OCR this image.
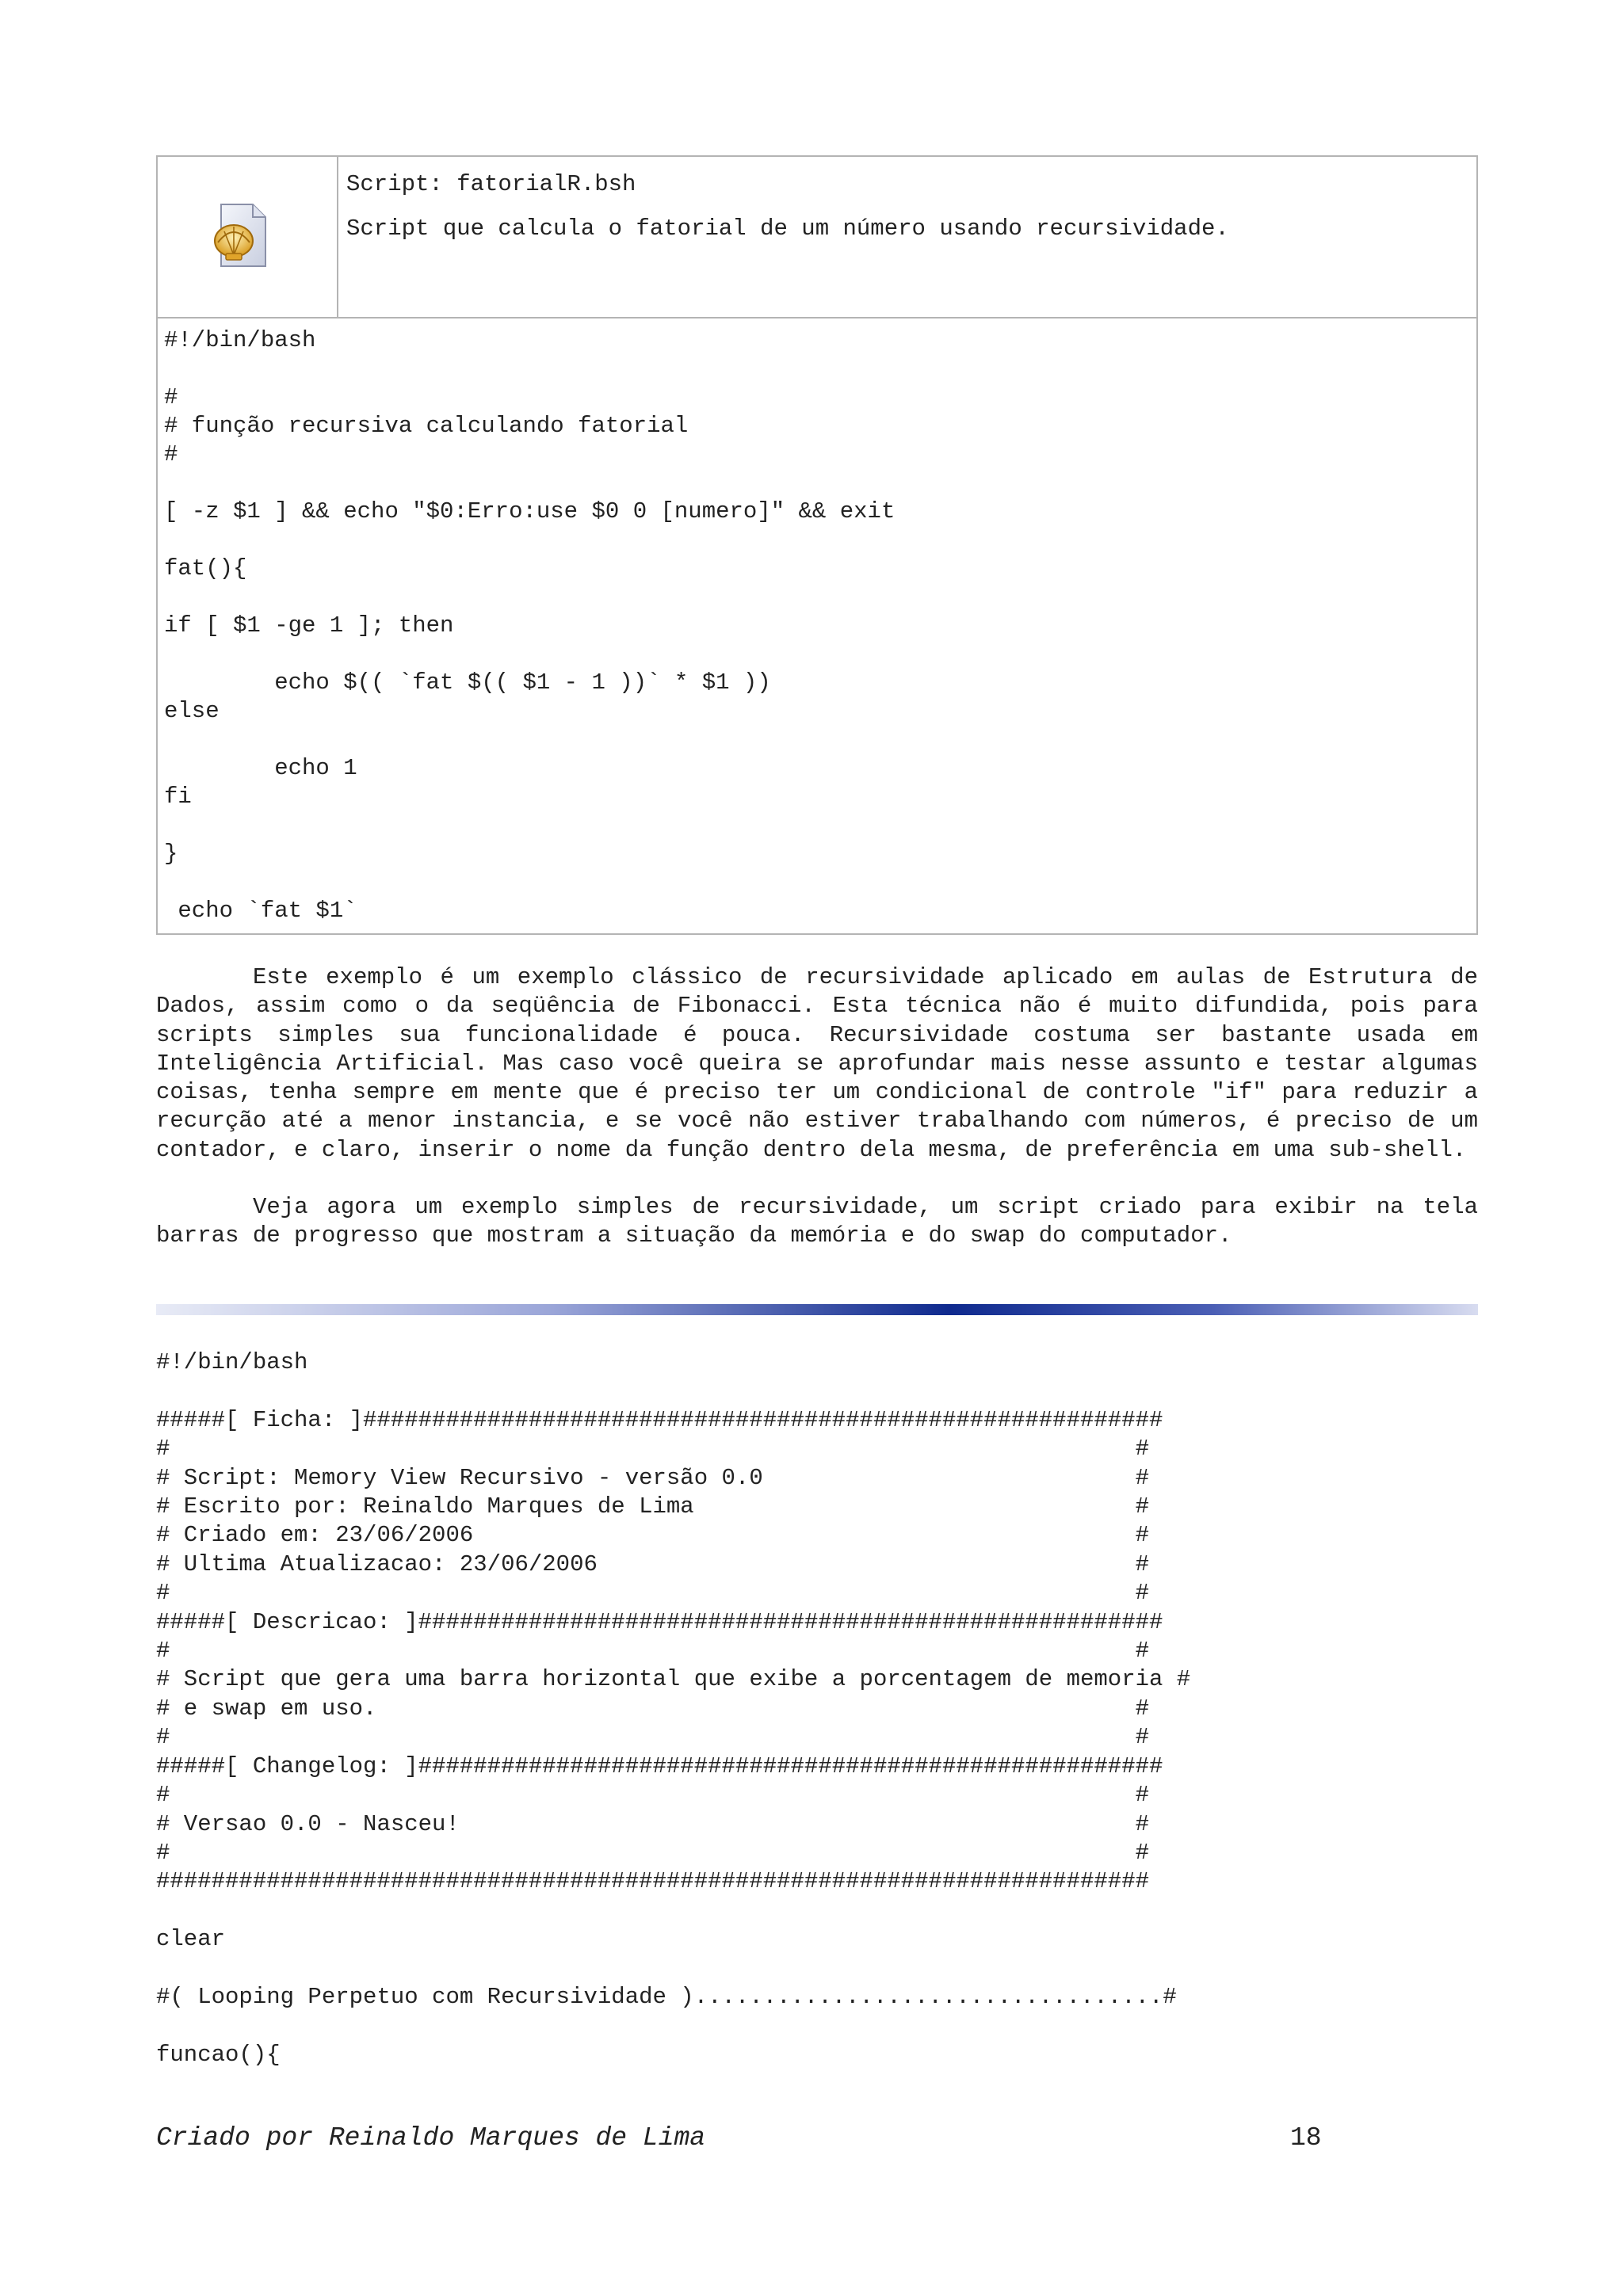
Script: fatorialR.bsh
Script que calcula o fatorial de um número usando recursividade.
#!/bin/bash

#
# função recursiva calculando fatorial
#

[ -z $1 ] && echo "$0:Erro:use $0 0 [numero]" && exit

fat(){

if [ $1 -ge 1 ]; then

echo $(( `fat $(( $1 - 1 ))` * $1 ))
else

echo 1
fi

}

echo `fat $1`

Este exemplo é um exemplo clássico de recursividade aplicado em aulas de Estrutura de Dados, assim como o da seqüência de Fibonacci. Esta técnica não é muito difundida, pois para scripts simples sua funcionalidade é pouca. Recursividade costuma ser bastante usada em Inteligência Artificial. Mas caso você queira se aprofundar mais nesse assunto e testar algumas coisas, tenha sempre em mente que é preciso ter um condicional de controle "if" para reduzir a recurção até a menor instancia, e se você não estiver trabalhando com números, é preciso de um contador, e claro, inserir o nome da função dentro dela mesma, de preferência em uma sub-shell.

Veja agora um exemplo simples de recursividade, um script criado para exibir na tela barras de progresso que mostram a situação da memória e do swap do computador.

#!/bin/bash

#####[ Ficha: ]##########################################################
#                                                                      #
# Script: Memory View Recursivo - versão 0.0                           #
# Escrito por: Reinaldo Marques de Lima                                #
# Criado em: 23/06/2006                                                #
# Ultima Atualizacao: 23/06/2006                                       #
#                                                                      #
#####[ Descricao: ]######################################################
#                                                                      #
# Script que gera uma barra horizontal que exibe a porcentagem de memoria #
# e swap em uso.                                                       #
#                                                                      #
#####[ Changelog: ]######################################################
#                                                                      #
# Versao 0.0 - Nasceu!                                                 #
#                                                                      #
########################################################################

clear

#( Looping Perpetuo com Recursividade )..................................#

funcao(){
Criado por Reinaldo Marques de Lima	18
